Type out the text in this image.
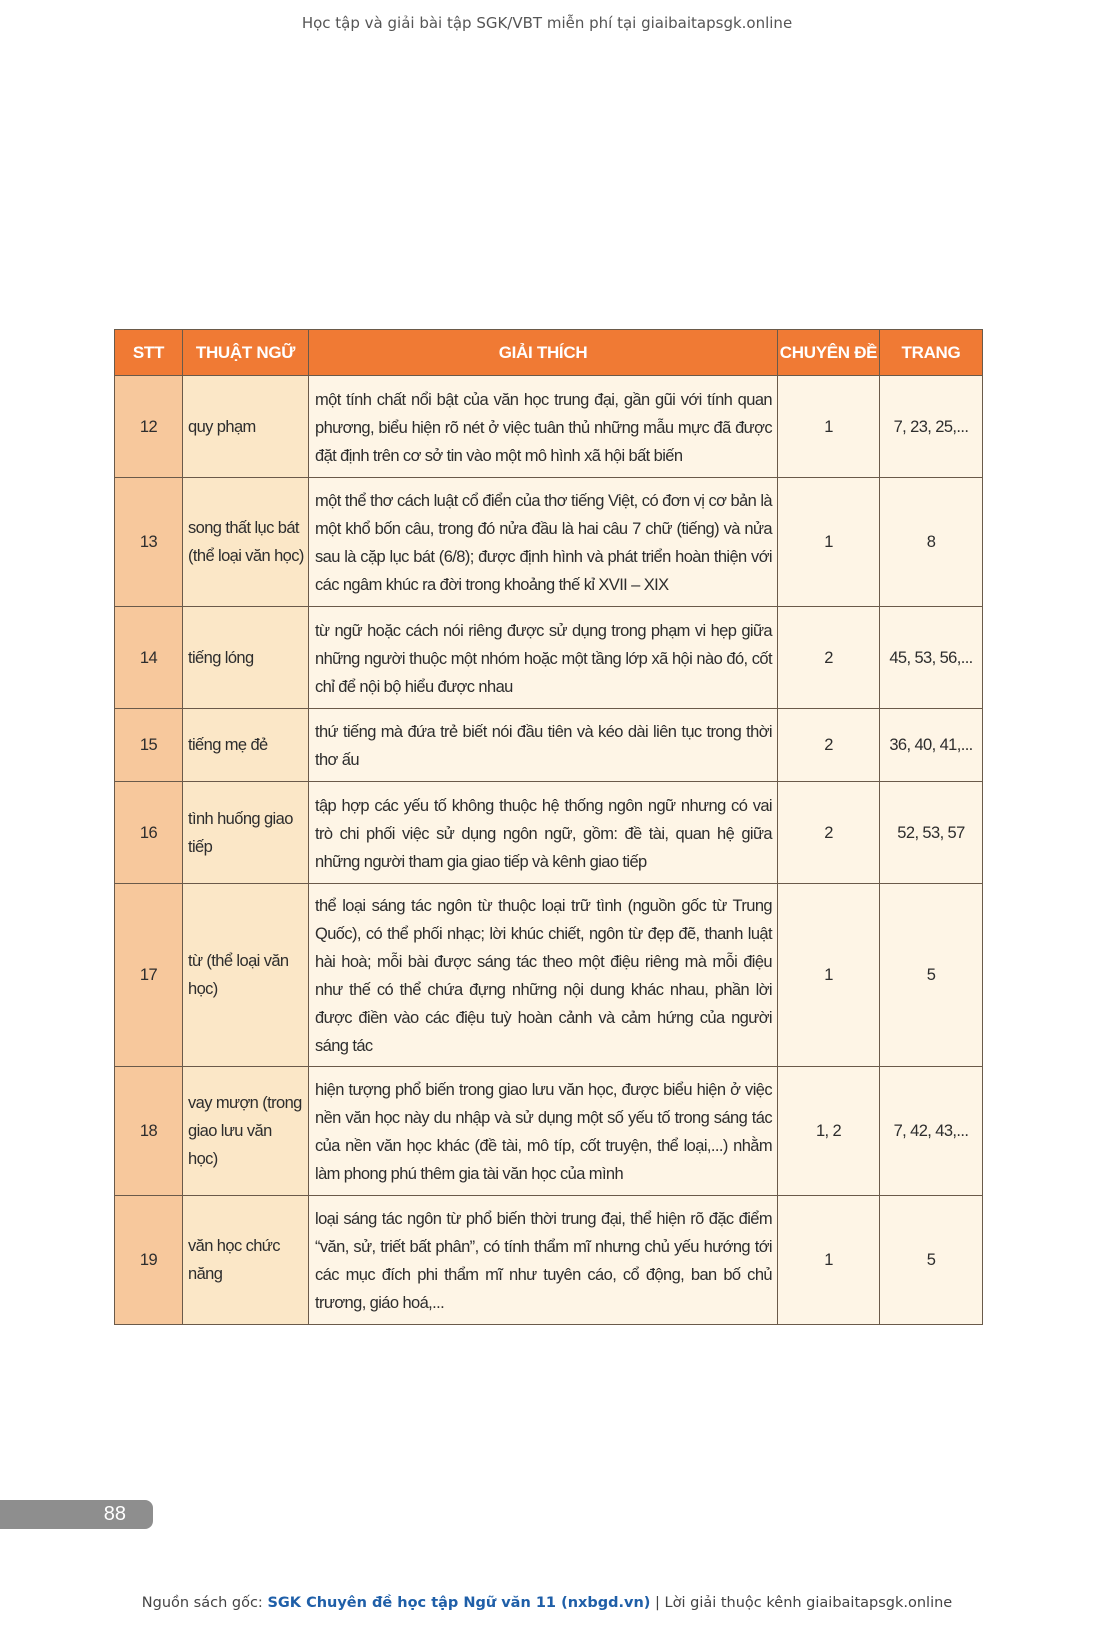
Học tập và giải bài tập SGK/VBT miễn phí tại giaibaitapsgk.online
STT	THUẬT NGỮ	GIẢI THÍCH	CHUYÊN ĐỀ	TRANG
12	quy phạm	một tính chất nổi bật của văn học trung đại, gần gũi với tính quan phương, biểu hiện rõ nét ở việc tuân thủ những mẫu mực đã được đặt định trên cơ sở tin vào một mô hình xã hội bất biến	1	7, 23, 25,...
13	song thất lục bát (thể loại văn học)	một thể thơ cách luật cổ điển của thơ tiếng Việt, có đơn vị cơ bản là một khổ bốn câu, trong đó nửa đầu là hai câu 7 chữ (tiếng) và nửa sau là cặp lục bát (6/8); được định hình và phát triển hoàn thiện với các ngâm khúc ra đời trong khoảng thế kỉ XVII – XIX	1	8
14	tiếng lóng	từ ngữ hoặc cách nói riêng được sử dụng trong phạm vi hẹp giữa những người thuộc một nhóm hoặc một tầng lớp xã hội nào đó, cốt chỉ để nội bộ hiểu được nhau	2	45, 53, 56,...
15	tiếng mẹ đẻ	thứ tiếng mà đứa trẻ biết nói đầu tiên và kéo dài liên tục trong thời thơ ấu	2	36, 40, 41,...
16	tình huống giao tiếp	tập hợp các yếu tố không thuộc hệ thống ngôn ngữ nhưng có vai trò chi phối việc sử dụng ngôn ngữ, gồm: đề tài, quan hệ giữa những người tham gia giao tiếp và kênh giao tiếp	2	52, 53, 57
17	từ (thể loại văn học)	thể loại sáng tác ngôn từ thuộc loại trữ tình (nguồn gốc từ Trung Quốc), có thể phối nhạc; lời khúc chiết, ngôn từ đẹp đẽ, thanh luật hài hoà; mỗi bài được sáng tác theo một điệu riêng mà mỗi điệu như thế có thể chứa đựng những nội dung khác nhau, phần lời được điền vào các điệu tuỳ hoàn cảnh và cảm hứng của người sáng tác	1	5
18	vay mượn (trong giao lưu văn học)	hiện tượng phổ biến trong giao lưu văn học, được biểu hiện ở việc nền văn học này du nhập và sử dụng một số yếu tố trong sáng tác của nền văn học khác (đề tài, mô típ, cốt truyện, thể loại,...) nhằm làm phong phú thêm gia tài văn học của mình	1, 2	7, 42, 43,...
19	văn học chức năng	loại sáng tác ngôn từ phổ biến thời trung đại, thể hiện rõ đặc điểm “văn, sử, triết bất phân”, có tính thẩm mĩ nhưng chủ yếu hướng tới các mục đích phi thẩm mĩ như tuyên cáo, cổ động, ban bố chủ trương, giáo hoá,...	1	5
88
Nguồn sách gốc: SGK Chuyên đề học tập Ngữ văn 11 (nxbgd.vn) | Lời giải thuộc kênh giaibaitapsgk.online
